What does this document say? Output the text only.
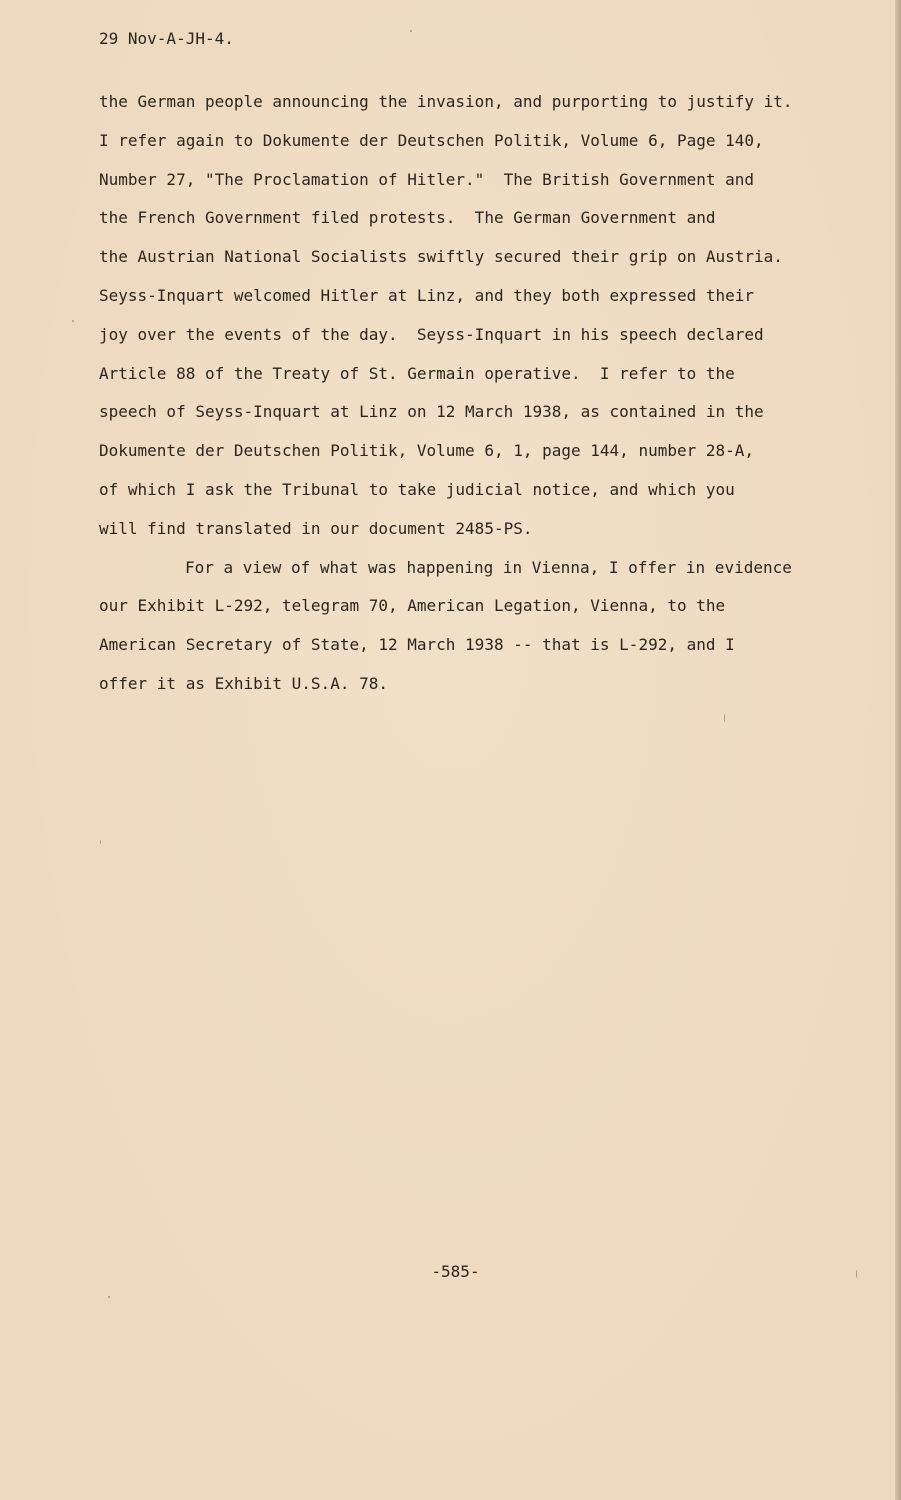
29 Nov-A-JH-4.
the German people announcing the invasion, and purporting to justify it.
I refer again to Dokumente der Deutschen Politik, Volume 6, Page 140,
Number 27, "The Proclamation of Hitler."  The British Government and
the French Government filed protests.  The German Government and
the Austrian National Socialists swiftly secured their grip on Austria.
Seyss-Inquart welcomed Hitler at Linz, and they both expressed their
joy over the events of the day.  Seyss-Inquart in his speech declared
Article 88 of the Treaty of St. Germain operative.  I refer to the
speech of Seyss-Inquart at Linz on 12 March 1938, as contained in the
Dokumente der Deutschen Politik, Volume 6, 1, page 144, number 28-A,
of which I ask the Tribunal to take judicial notice, and which you
will find translated in our document 2485-PS.
For a view of what was happening in Vienna, I offer in evidence
our Exhibit L-292, telegram 70, American Legation, Vienna, to the
American Secretary of State, 12 March 1938 -- that is L-292, and I
offer it as Exhibit U.S.A. 78.
-585-
